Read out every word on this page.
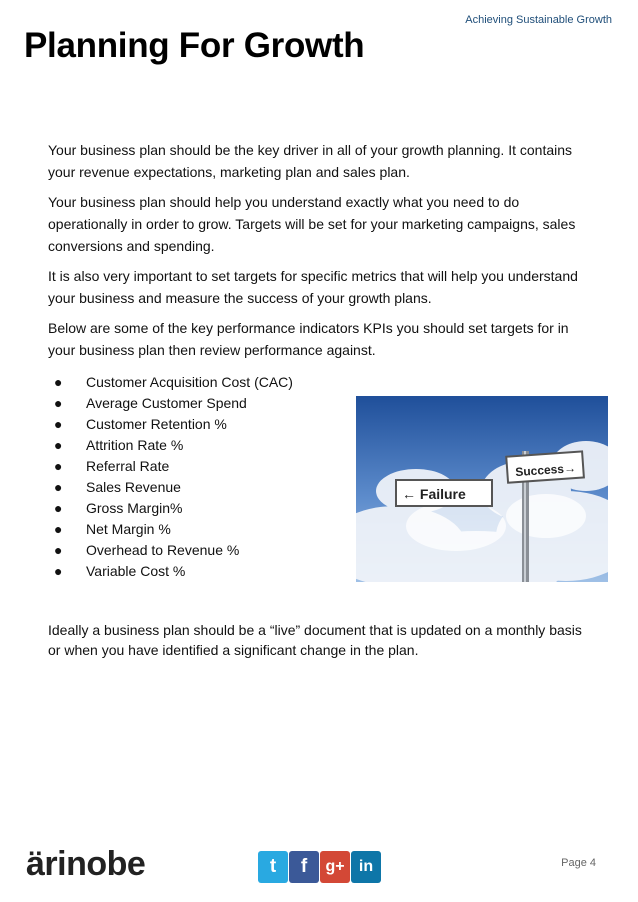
Achieving Sustainable Growth
Planning For Growth

Your business plan should be the key driver in all of your growth planning. It contains your revenue expectations, marketing plan and sales plan.

Your business plan should help you understand exactly what you need to do operationally in order to grow. Targets will be set for your marketing campaigns, sales conversions and spending.

It is also very important to set targets for specific metrics that will help you understand your business and measure the success of your growth plans.

Below are some of the key performance indicators KPIs you should set targets for in your business plan then review performance against.

● Customer Acquisition Cost (CAC)
● Average Customer Spend
● Customer Retention %
● Attrition Rate %
● Referral Rate
● Sales Revenue
● Gross Margin%
● Net Margin %
● Overhead to Revenue %
● Variable Cost %
Success→
← Failure

Ideally a business plan should be a “live” document that is updated on a monthly basis or when you have identified a significant change in the plan.

ärinobe	t	f	g+ in	Page 4
